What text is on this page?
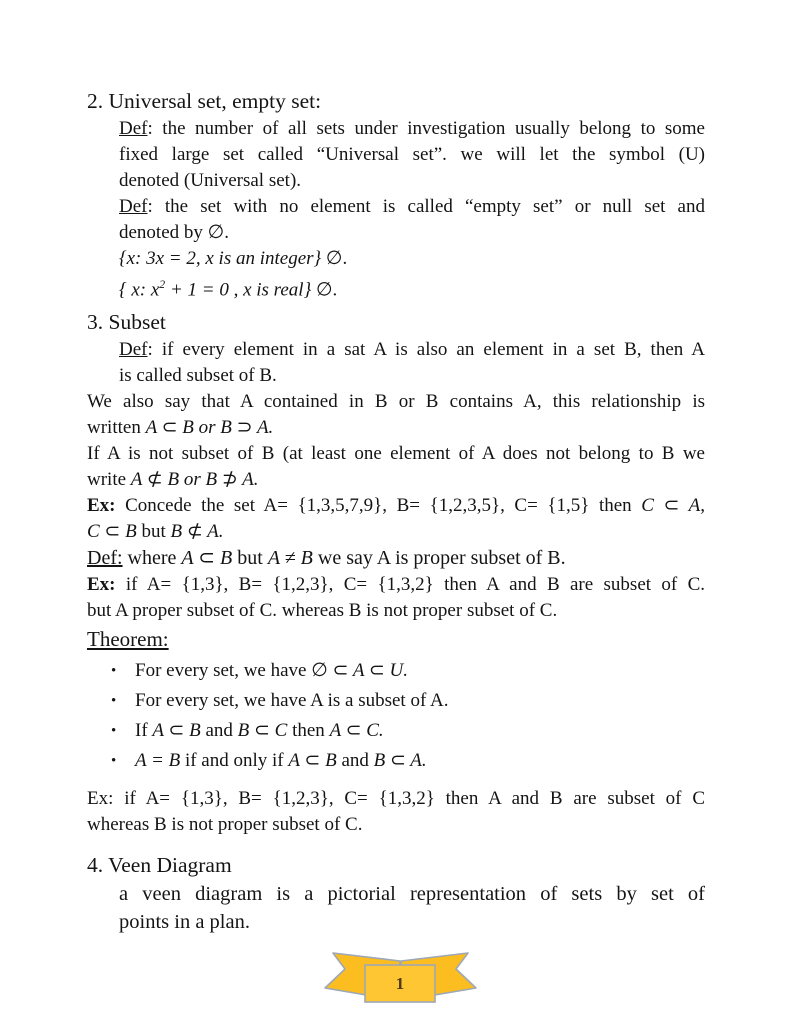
2. Universal set, empty set:
Def: the number of all sets under investigation usually belong to some
fixed large set called “Universal set”. we will let the symbol (U)
denoted (Universal set).
Def: the set with no element is called “empty set” or null set and
denoted by ∅.
{x: 3x = 2, x is an integer} ∅.
{ x: $x^2 + 1 = 0$ , x is real} ∅.
3. Subset
Def: if every element in a sat A is also an element in a set B, then A
is called subset of B.
We also say that A contained in B or B contains A, this relationship is
written A ⊂ B or B ⊃ A.
If A is not subset of B (at least one element of A does not belong to B we
write A ⊄ B or B ⊅ A.
Ex: Concede the set A= {1,3,5,7,9}, B= {1,2,3,5}, C= {1,5} then C ⊂ A,
C ⊂ B but B ⊄ A.
Def: where A ⊂ B but A ≠ B we say A is proper subset of B.
Ex: if A= {1,3}, B= {1,2,3}, C= {1,3,2} then A and B are subset of C.
but A proper subset of C. whereas B is not proper subset of C.
Theorem:
• For every set, we have ∅ ⊂ A ⊂ U.
• For every set, we have A is a subset of A.
• If A ⊂ B and B ⊂ C then A ⊂ C.
• A = B if and only if A ⊂ B and B ⊂ A.
Ex: if A= {1,3}, B= {1,2,3}, C= {1,3,2} then A and B are subset of C
whereas B is not proper subset of C.
4. Veen Diagram
a veen diagram is a pictorial representation of sets by set of
points in a plan.
1
